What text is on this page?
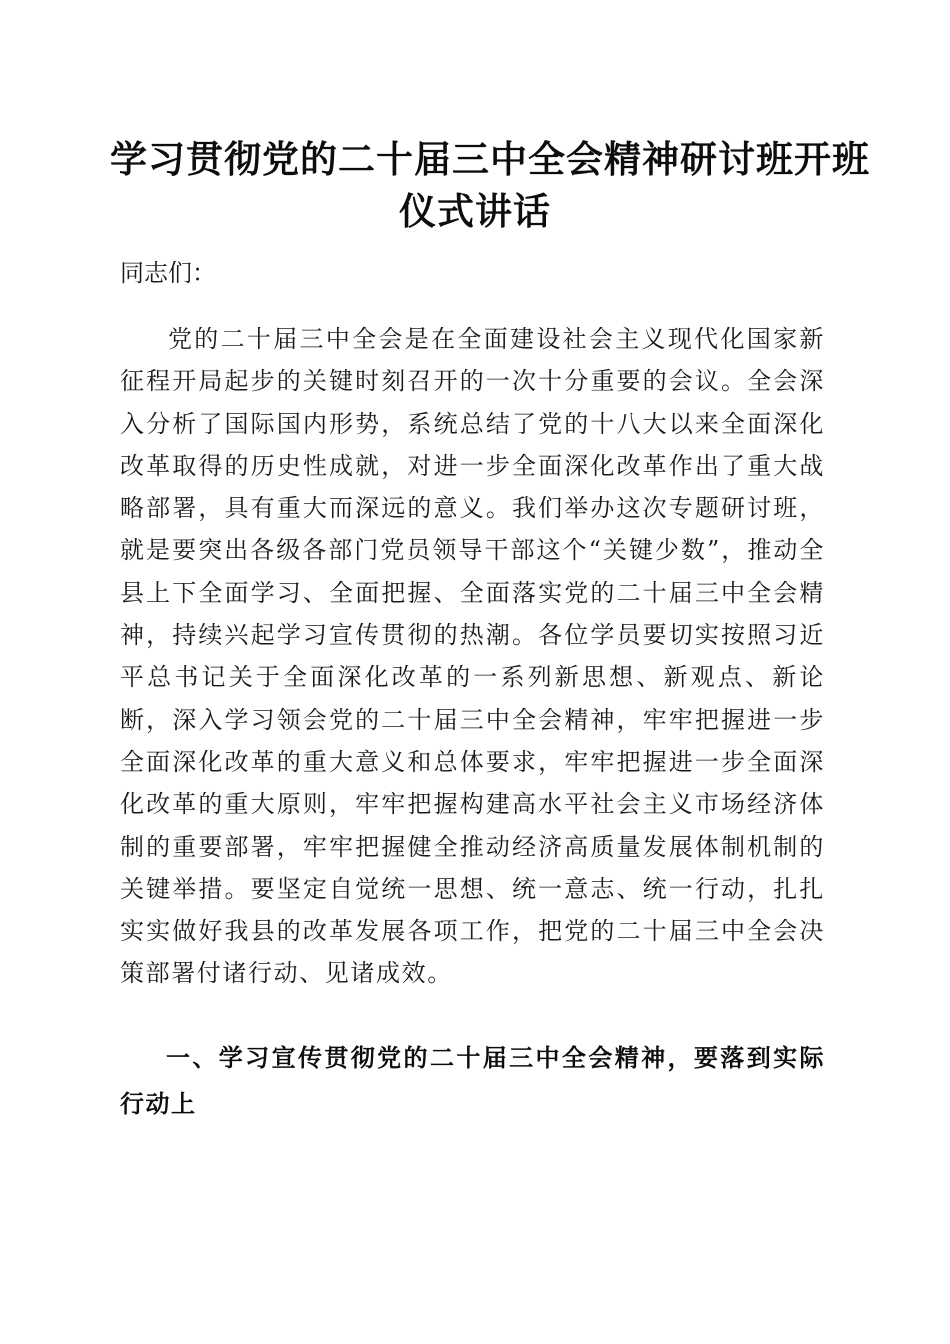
学习贯彻党的二十届三中全会精神研讨班开班
仪式讲话
同志们：

党的二十届三中全会是在全面建设社会主义现代化国家新征程开局起步的关键时刻召开的一次十分重要的会议。全会深入分析了国际国内形势，系统总结了党的十八大以来全面深化改革取得的历史性成就，对进一步全面深化改革作出了重大战略部署，具有重大而深远的意义。我们举办这次专题研讨班，就是要突出各级各部门党员领导干部这个“关键少数”，推动全县上下全面学习、全面把握、全面落实党的二十届三中全会精神，持续兴起学习宣传贯彻的热潮。各位学员要切实按照习近平总书记关于全面深化改革的一系列新思想、新观点、新论断，深入学习领会党的二十届三中全会精神，牢牢把握进一步全面深化改革的重大意义和总体要求，牢牢把握进一步全面深化改革的重大原则，牢牢把握构建高水平社会主义市场经济体制的重要部署，牢牢把握健全推动经济高质量发展体制机制的关键举措。要坚定自觉统一思想、统一意志、统一行动，扎扎实实做好我县的改革发展各项工作，把党的二十届三中全会决策部署付诸行动、见诸成效。

一、学习宣传贯彻党的二十届三中全会精神，要落到实际行动上
